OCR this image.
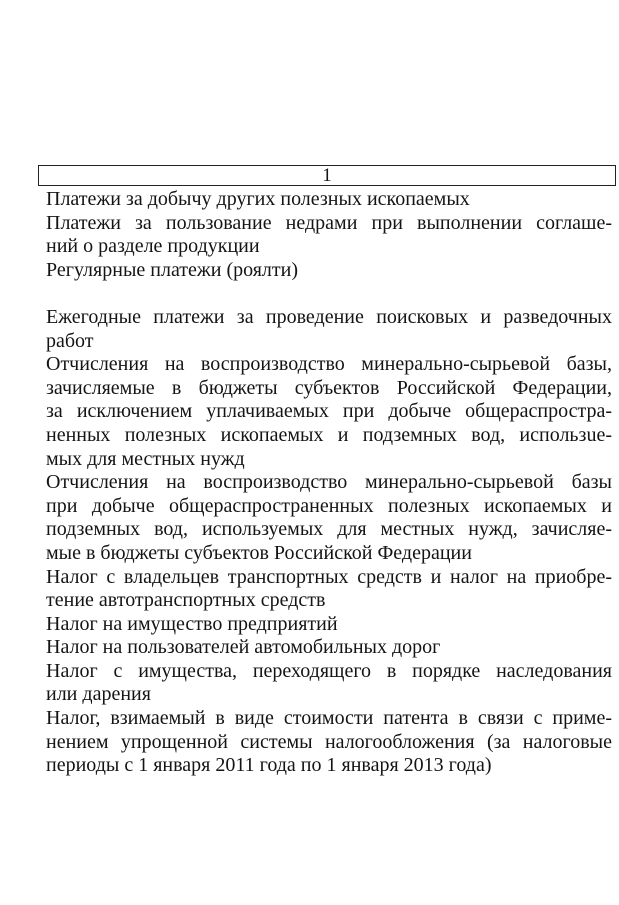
1
Платежи за добычу других полезных ископаемых
Платежи за пользование недрами при выполнении соглаше-
ний о разделе продукции
Регулярные платежи (роялти)
Ежегодные платежи за проведение поисковых и разведочных
работ
Отчисления на воспроизводство минерально-сырьевой базы,
зачисляемые в бюджеты субъектов Российской Федерации,
за исключением уплачиваемых при добыче общераспростра-
ненных полезных ископаемых и подземных вод, использue-
мых для местных нужд
Отчисления на воспроизводство минерально-сырьевой базы
при добыче общераспространенных полезных ископаемых и
подземных вод, используемых для местных нужд, зачисляе-
мые в бюджеты субъектов Российской Федерации
Налог с владельцев транспортных средств и налог на приобре-
тение автотранспортных средств
Налог на имущество предприятий
Налог на пользователей автомобильных дорог
Налог с имущества, переходящего в порядке наследования
или дарения
Налог, взимаемый в виде стоимости патента в связи с приме-
нением упрощенной системы налогообложения (за налоговые
периоды с 1 января 2011 года по 1 января 2013 года)
